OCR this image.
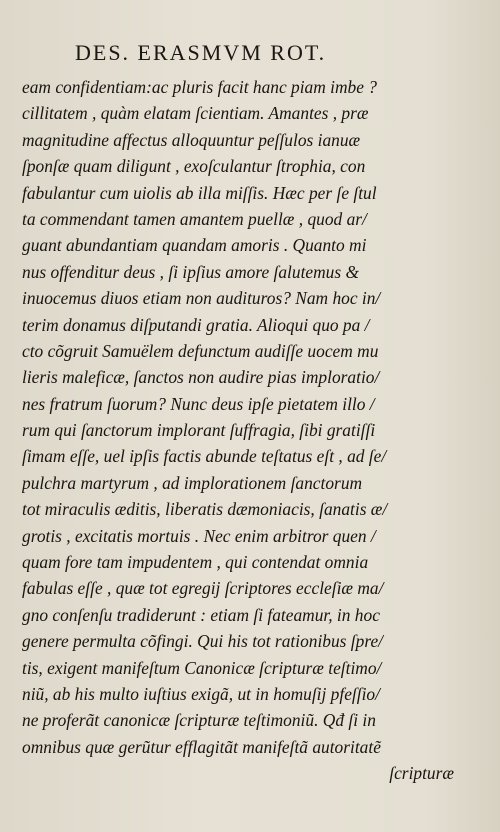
DES. ERASMVM ROT.
eam confidentiam:ac pluris facit hanc piam imbe ?
cillitatem , quàm elatam ſcientiam. Amantes , præ
magnitudine affectus alloquuntur peſſulos ianuæ
ſponſæ quam diligunt , exoſculantur ſtrophia, con
fabulantur cum uiolis ab illa miſſis. Hæc per ſe ſtul
ta commendant tamen amantem puellæ , quod ar/
guant abundantiam quandam amoris . Quanto mi
nus offenditur deus , ſi ipſius amore ſalutemus &
inuocemus diuos etiam non audituros? Nam hoc in/
terim donamus diſputandi gratia. Alioqui quo pa /
cto cõgruit Samuëlem defunctum audiſſe uocem mu
lieris maleficæ, ſanctos non audire pias imploratio/
nes fratrum ſuorum? Nunc deus ipſe pietatem illo /
rum qui ſanctorum implorant ſuffragia, ſibi gratiſſi
ſimam eſſe, uel ipſis factis abunde teſtatus eſt , ad ſe/
pulchra martyrum , ad implorationem ſanctorum
tot miraculis æditis, liberatis dæmoniacis, ſanatis æ/
grotis , excitatis mortuis . Nec enim arbitror quen /
quam fore tam impudentem , qui contendat omnia
fabulas eſſe , quæ tot egregij ſcriptores eccleſiæ ma/
gno conſenſu tradiderunt : etiam ſi fateamur, in hoc
genere permulta cõfingi. Qui his tot rationibus ſpre/
tis, exigent manifeſtum Canonicæ ſcripturæ teſtimo/
niũ, ab his multo iuſtius exigã, ut in homuſij pfeſſio/
ne proferãt canonicæ ſcripturæ teſtimoniũ. Qđ ſi in
omnibus quæ gerũtur efflagitãt manifeſtã autoritatẽ
ſcripturæ
